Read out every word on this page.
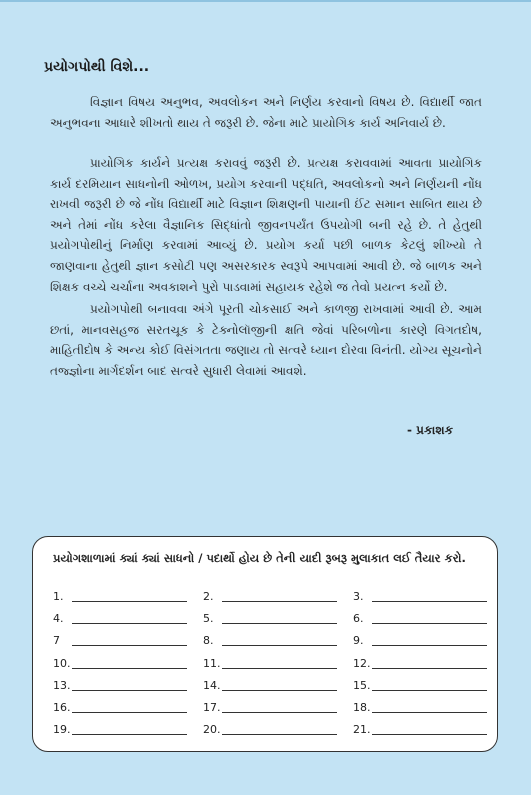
પ્રયોગપોથી વિશે...

વિજ્ઞાન વિષય અનુભવ, અવલોકન અને નિર્ણય કરવાનો વિષય છે. વિદ્યાર્થી જાત અનુભવના આધારે શીખતો થાય તે જરૂરી છે. જેના માટે પ્રાયોગિક કાર્ય અનિવાર્ય છે.

પ્રાયોગિક કાર્યને પ્રત્યક્ષ કરાવવું જરૂરી છે. પ્રત્યક્ષ કરાવવામાં આવતા પ્રાયોગિક કાર્ય દરમિયાન સાધનોની ઓળખ, પ્રયોગ કરવાની પદ્ધતિ, અવલોકનો અને નિર્ણયની નોંધ રાખવી જરૂરી છે જે નોંધ વિદ્યાર્થી માટે વિજ્ઞાન શિક્ષણની પાયાની ઈંટ સમાન સાબિત થાય છે અને તેમાં નોંધ કરેલા વૈજ્ઞાનિક સિદ્ધાંતો જીવનપર્યંત ઉપયોગી બની રહે છે. તે હેતુથી પ્રયોગપોથીનું નિર્માણ કરવામાં આવ્યું છે. પ્રયોગ કર્યા પછી બાળક કેટલું શીખ્યો તે જાણવાના હેતુથી જ્ઞાન કસોટી પણ અસરકારક સ્વરૂપે આપવામાં આવી છે. જે બાળક અને શિક્ષક વચ્ચે ચર્ચાના અવકાશને પુરો પાડવામાં સહાયક રહેશે જ તેવો પ્રયત્ન કર્યો છે.

પ્રયોગપોથી બનાવવા અંગે પૂરતી ચોકસાઈ અને કાળજી રાખવામાં આવી છે. આમ છતાં, માનવસહજ સરતચૂક કે ટેક્નોલૉજીની ક્ષતિ જેવાં પરિબળોના કારણે વિગતદોષ, માહિતીદોષ કે અન્ય કોઈ વિસંગતતા જણાય તો સત્વરે ધ્યાન દોરવા વિનંતી. યોગ્ય સૂચનોને તજ્જ્ઞોના માર્ગદર્શન બાદ સત્વરે સુધારી લેવામાં આવશે.

- પ્રકાશક
પ્રયોગશાળામાં ક્યાં ક્યાં સાધનો / પદાર્થો હોય છે તેની યાદી રૂબરૂ મુલાકાત લઈ તૈયાર કરો.
1.	2.	3.
4.	5.	6.
7	8.	9.
10.	11.	12.
13.	14.	15.
16.	17.	18.
19.	20.	21.
